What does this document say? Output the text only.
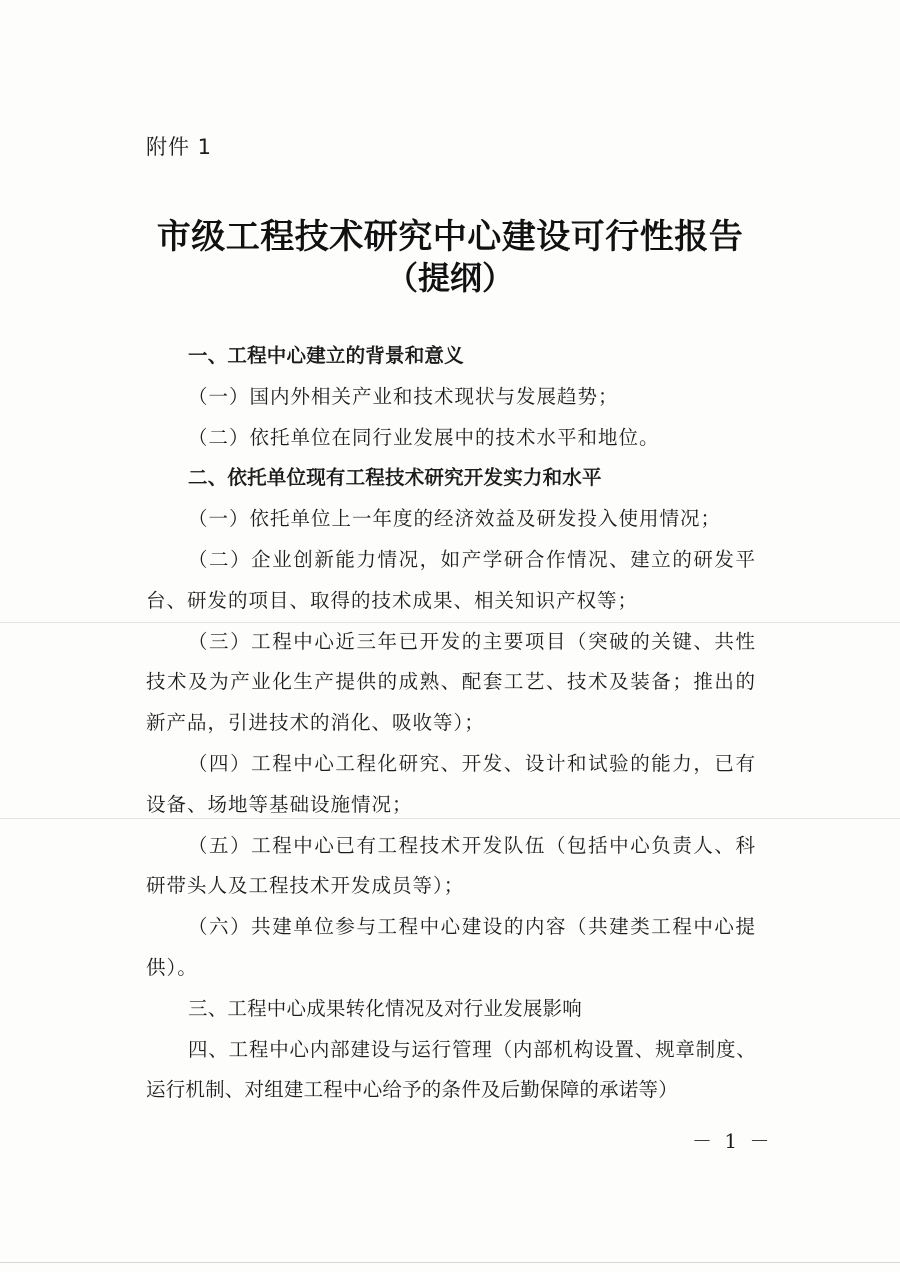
附件 1
市级工程技术研究中心建设可行性报告
（提纲）

一、工程中心建立的背景和意义

（一）国内外相关产业和技术现状与发展趋势；

（二）依托单位在同行业发展中的技术水平和地位。

二、依托单位现有工程技术研究开发实力和水平

（一）依托单位上一年度的经济效益及研发投入使用情况；

（二）企业创新能力情况，如产学研合作情况、建立的研发平台、研发的项目、取得的技术成果、相关知识产权等；

（三）工程中心近三年已开发的主要项目（突破的关键、共性技术及为产业化生产提供的成熟、配套工艺、技术及装备；推出的新产品，引进技术的消化、吸收等）；

（四）工程中心工程化研究、开发、设计和试验的能力，已有设备、场地等基础设施情况；

（五）工程中心已有工程技术开发队伍（包括中心负责人、科研带头人及工程技术开发成员等）；

（六）共建单位参与工程中心建设的内容（共建类工程中心提供）。

三、工程中心成果转化情况及对行业发展影响

四、工程中心内部建设与运行管理（内部机构设置、规章制度、运行机制、对组建工程中心给予的条件及后勤保障的承诺等）

－ 1 －
